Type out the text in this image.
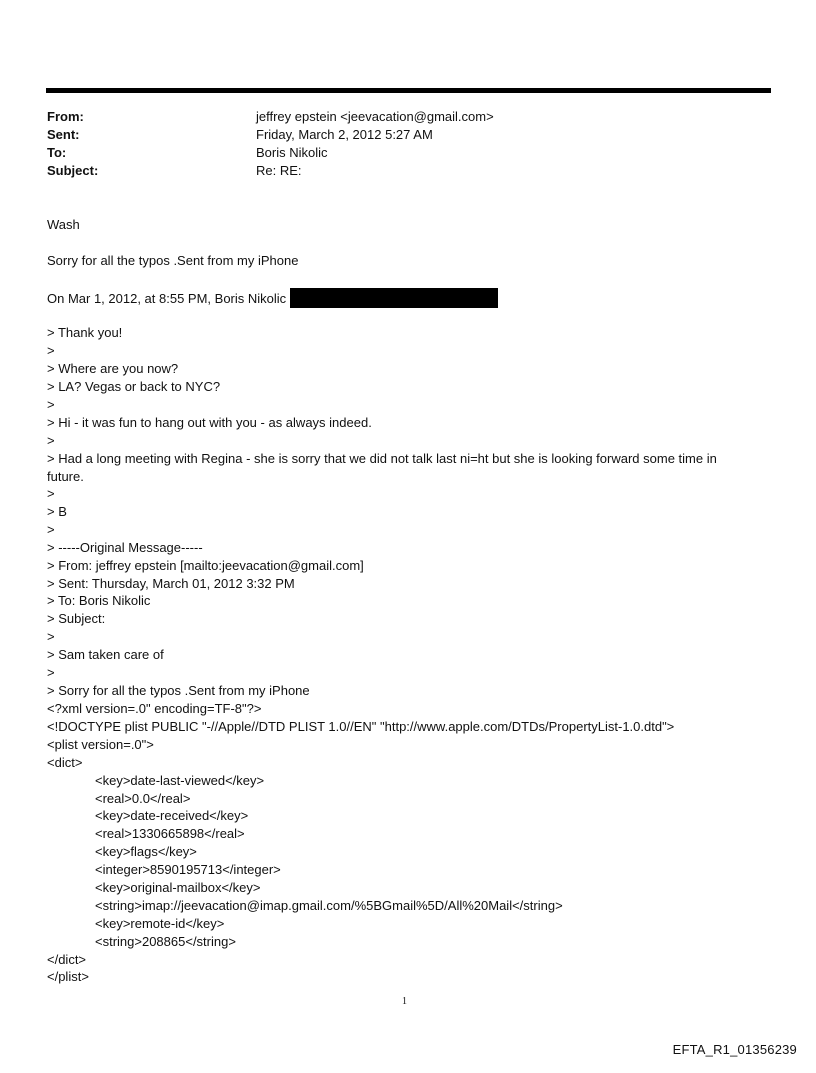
From:	jeffrey epstein <jeevacation@gmail.com>
Sent:	Friday, March 2, 2012 5:27 AM
To:	Boris Nikolic
Subject:	Re: RE:
Wash
Sorry for all the typos .Sent from my iPhone
On Mar 1, 2012, at 8:55 PM, Boris Nikolic
> Thank you!
>
> Where are you now?
> LA? Vegas or back to NYC?
>
> Hi - it was fun to hang out with you - as always indeed.
>
> Had a long meeting with Regina - she is sorry that we did not talk last ni=ht but she is looking forward some time in
future.
>
> B
>
> -----Original Message-----
> From: jeffrey epstein [mailto:jeevacation@gmail.com]
> Sent: Thursday, March 01, 2012 3:32 PM
> To: Boris Nikolic
> Subject:
>
> Sam taken care of
>
> Sorry for all the typos .Sent from my iPhone
<?xml version=.0" encoding=TF-8"?>
<!DOCTYPE plist PUBLIC "-//Apple//DTD PLIST 1.0//EN" "http://www.apple.com/DTDs/PropertyList-1.0.dtd">
<plist version=.0">
<dict>
<key>date-last-viewed</key>
<real>0.0</real>
<key>date-received</key>
<real>1330665898</real>
<key>flags</key>
<integer>8590195713</integer>
<key>original-mailbox</key>
<string>imap://jeevacation@imap.gmail.com/%5BGmail%5D/All%20Mail</string>
<key>remote-id</key>
<string>208865</string>
</dict>
</plist>
1
EFTA_R1_01356239
